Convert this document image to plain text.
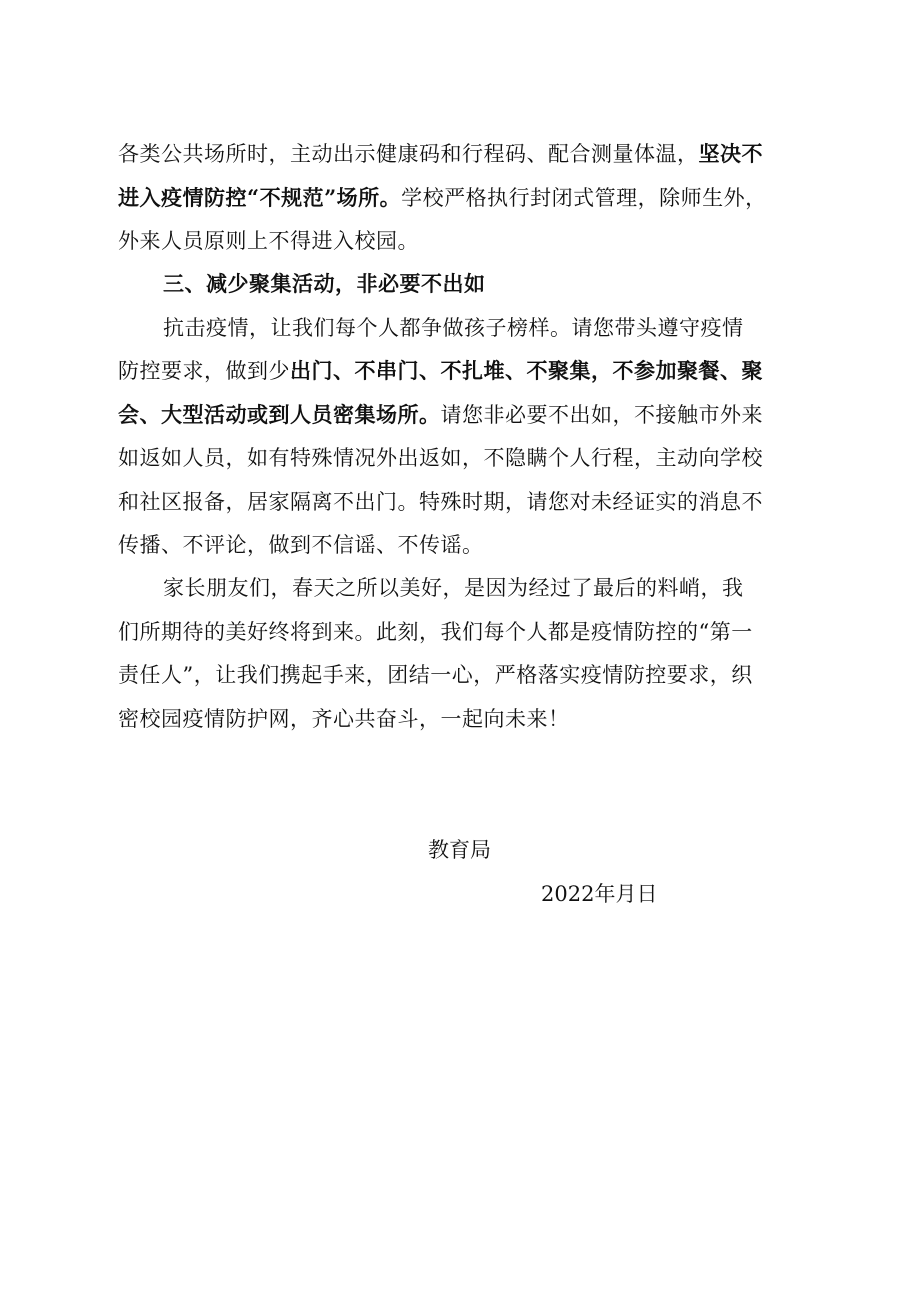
各类公共场所时，主动出示健康码和行程码、配合测量体温，坚决不
进入疫情防控“不规范”场所。学校严格执行封闭式管理，除师生外，
外来人员原则上不得进入校园。
三、减少聚集活动，非必要不出如
抗击疫情，让我们每个人都争做孩子榜样。请您带头遵守疫情
防控要求，做到少出门、不串门、不扎堆、不聚集，不参加聚餐、聚
会、大型活动或到人员密集场所。请您非必要不出如，不接触市外来
如返如人员，如有特殊情况外出返如，不隐瞒个人行程，主动向学校
和社区报备，居家隔离不出门。特殊时期，请您对未经证实的消息不
传播、不评论，做到不信谣、不传谣。
家长朋友们，春天之所以美好，是因为经过了最后的料峭，我
们所期待的美好终将到来。此刻，我们每个人都是疫情防控的“第一
责任人”，让我们携起手来，团结一心，严格落实疫情防控要求，织
密校园疫情防护网，齐心共奋斗，一起向未来！
教育局
2022年月日
